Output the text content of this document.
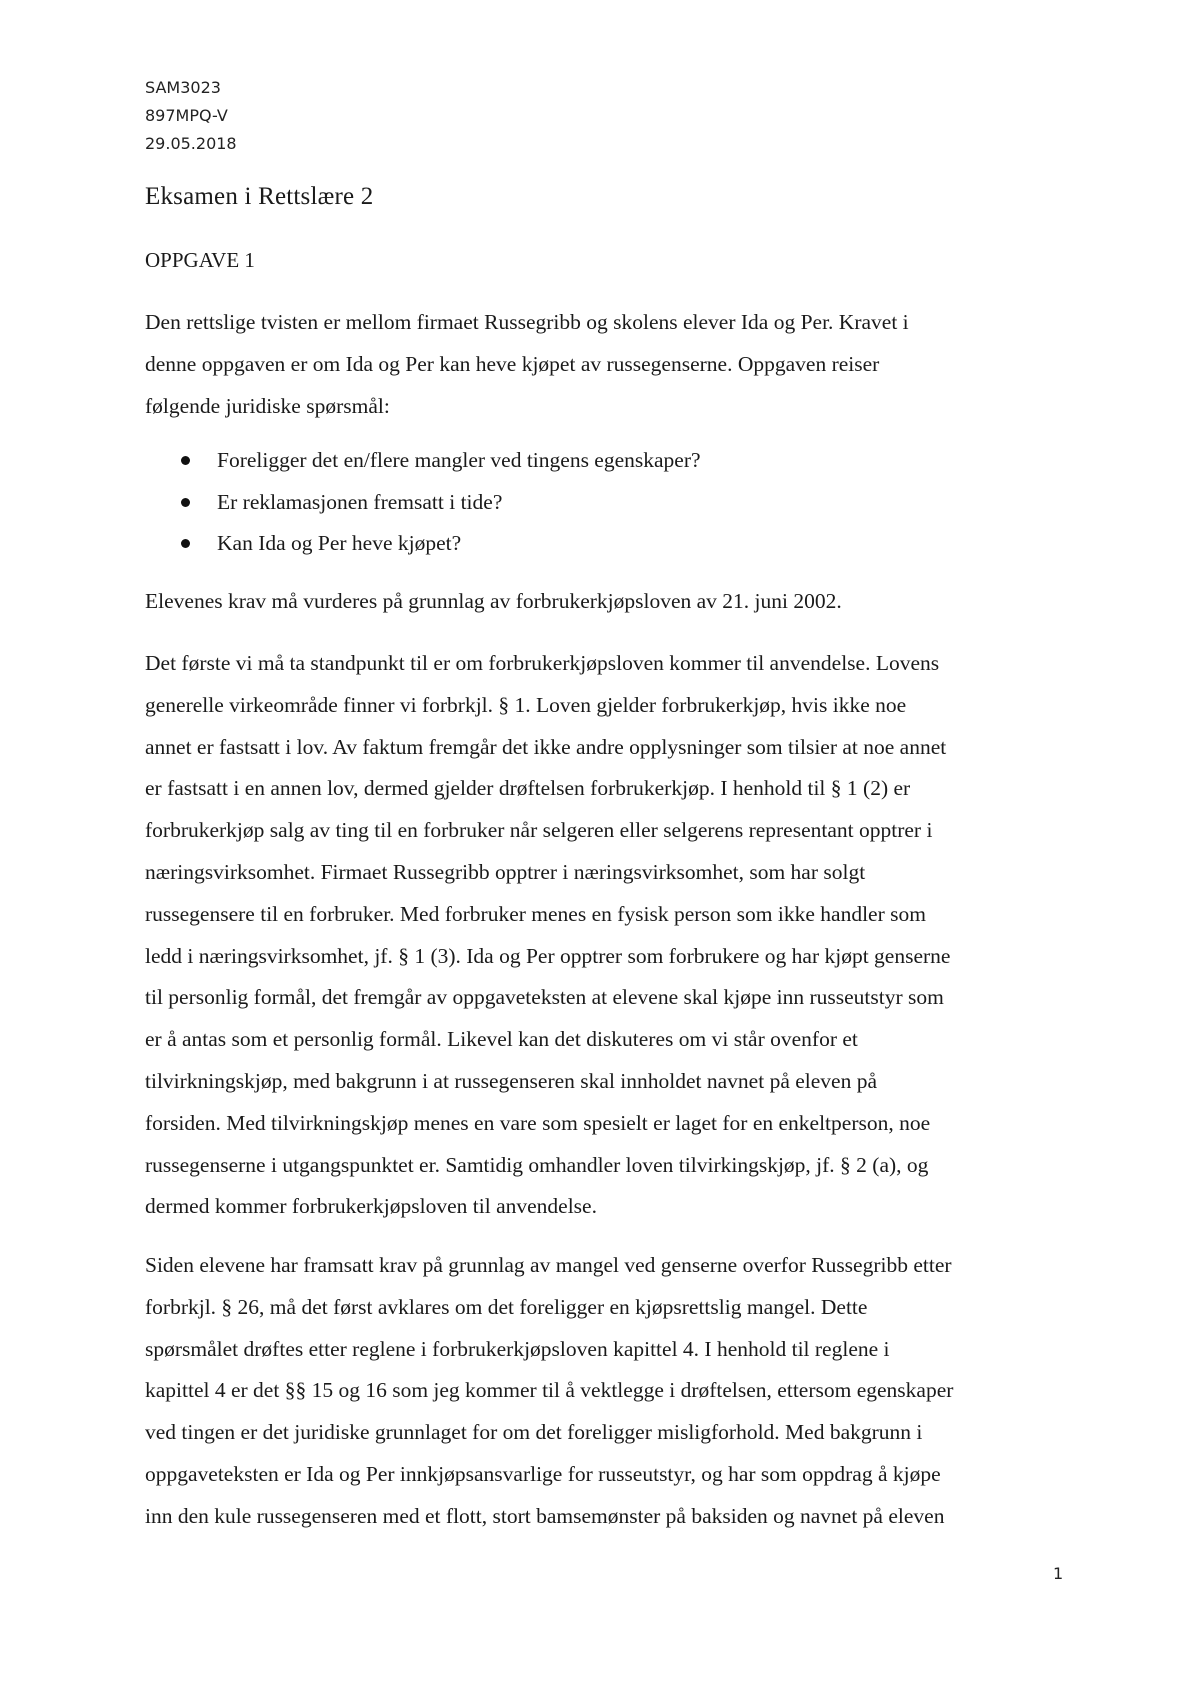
SAM3023
897MPQ-V
29.05.2018
Eksamen i Rettslære 2
OPPGAVE 1

Den rettslige tvisten er mellom firmaet Russegribb og skolens elever Ida og Per. Kravet i
denne oppgaven er om Ida og Per kan heve kjøpet av russegenserne. Oppgaven reiser
følgende juridiske spørsmål:

Foreligger det en/flere mangler ved tingens egenskaper?
Er reklamasjonen fremsatt i tide?
Kan Ida og Per heve kjøpet?

Elevenes krav må vurderes på grunnlag av forbrukerkjøpsloven av 21. juni 2002.

Det første vi må ta standpunkt til er om forbrukerkjøpsloven kommer til anvendelse. Lovens
generelle virkeområde finner vi forbrkjl. § 1. Loven gjelder forbrukerkjøp, hvis ikke noe
annet er fastsatt i lov. Av faktum fremgår det ikke andre opplysninger som tilsier at noe annet
er fastsatt i en annen lov, dermed gjelder drøftelsen forbrukerkjøp. I henhold til § 1 (2) er
forbrukerkjøp salg av ting til en forbruker når selgeren eller selgerens representant opptrer i
næringsvirksomhet. Firmaet Russegribb opptrer i næringsvirksomhet, som har solgt
russegensere til en forbruker. Med forbruker menes en fysisk person som ikke handler som
ledd i næringsvirksomhet, jf. § 1 (3). Ida og Per opptrer som forbrukere og har kjøpt genserne
til personlig formål, det fremgår av oppgaveteksten at elevene skal kjøpe inn russeutstyr som
er å antas som et personlig formål. Likevel kan det diskuteres om vi står ovenfor et
tilvirkningskjøp, med bakgrunn i at russegenseren skal innholdet navnet på eleven på
forsiden. Med tilvirkningskjøp menes en vare som spesielt er laget for en enkeltperson, noe
russegenserne i utgangspunktet er. Samtidig omhandler loven tilvirkingskjøp, jf. § 2 (a), og
dermed kommer forbrukerkjøpsloven til anvendelse.

Siden elevene har framsatt krav på grunnlag av mangel ved genserne overfor Russegribb etter
forbrkjl. § 26, må det først avklares om det foreligger en kjøpsrettslig mangel. Dette
spørsmålet drøftes etter reglene i forbrukerkjøpsloven kapittel 4. I henhold til reglene i
kapittel 4 er det §§ 15 og 16 som jeg kommer til å vektlegge i drøftelsen, ettersom egenskaper
ved tingen er det juridiske grunnlaget for om det foreligger misligforhold. Med bakgrunn i
oppgaveteksten er Ida og Per innkjøpsansvarlige for russeutstyr, og har som oppdrag å kjøpe
inn den kule russegenseren med et flott, stort bamsemønster på baksiden og navnet på eleven

1
